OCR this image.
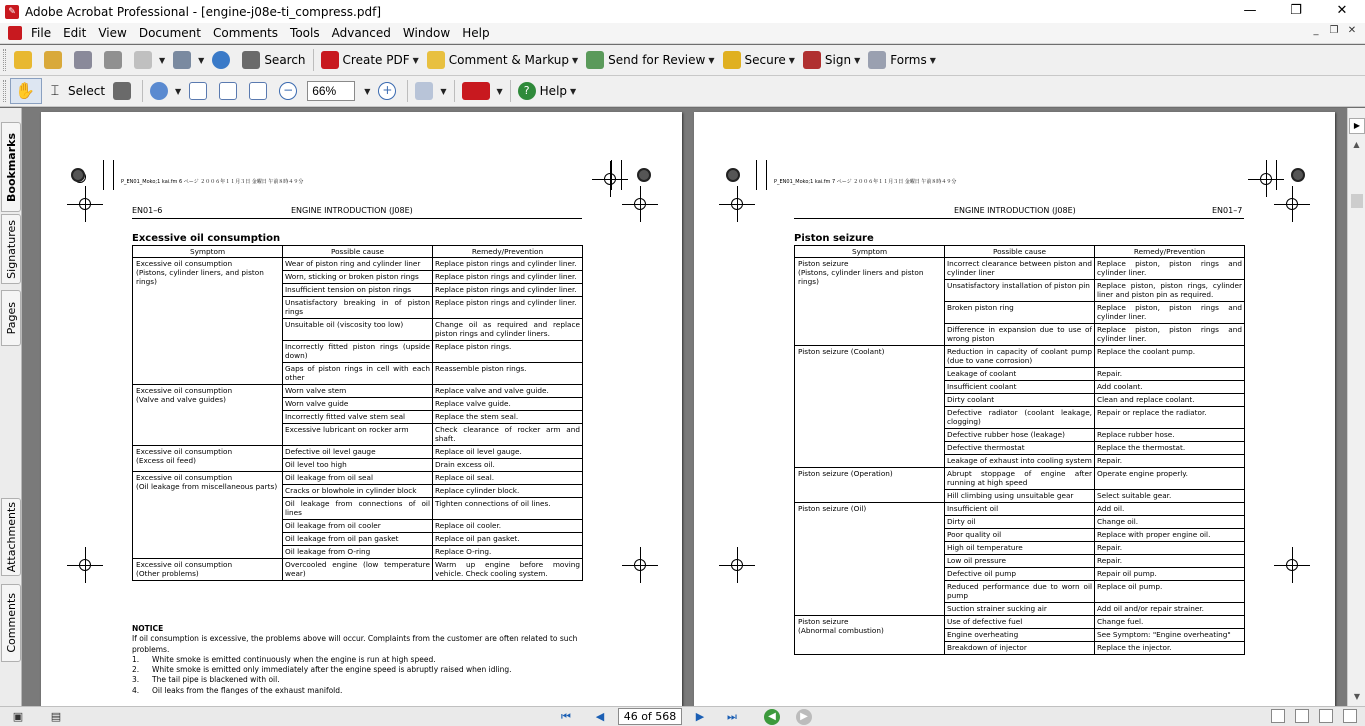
✎ Adobe Acrobat Professional - [engine-j08e-ti_compress.pdf]	—	❐	✕
File	Edit	View	Document	Comments	Tools	Advanced	Window	Help	_	❐ ✕
▼	▼	Search	Create PDF ▼	Comment & Markup ▼	Send for Review ▼	Secure ▼	Sign ▼	Forms ▼
✋	⌶ Select	▼	−
66%	▼ +	▼	▼	? Help ▼
Bookmarks
Signatures
Pages
Attachments
Comments
P_EN01_Moko;1 kai.fm 6 ページ ２００６年１１月３日 金曜日 午前８時４９分
EN01–6	ENGINE INTRODUCTION (J08E)
Excessive oil consumption
Symptom	Possible cause	Remedy/Prevention
Excessive oil consumption
(Pistons, cylinder liners, and piston rings)	Wear of piston ring and cylinder liner	Replace piston rings and cylinder liner.
	Worn, sticking or broken piston rings	Replace piston rings and cylinder liner.
	Insufficient tension on piston rings	Replace piston rings and cylinder liner.
	Unsatisfactory breaking in of piston rings	Replace piston rings and cylinder liner.
	Unsuitable oil (viscosity too low)	Change oil as required and replace piston rings and cylinder liners.
	Incorrectly fitted piston rings (upside down)	Replace piston rings.
	Gaps of piston rings in cell with each other	Reassemble piston rings.
Excessive oil consumption
(Valve and valve guides)	Worn valve stem	Replace valve and valve guide.
	Worn valve guide	Replace valve guide.
	Incorrectly fitted valve stem seal	Replace the stem seal.
	Excessive lubricant on rocker arm	Check clearance of rocker arm and shaft.
Excessive oil consumption
(Excess oil feed)	Defective oil level gauge	Replace oil level gauge.
	Oil level too high	Drain excess oil.
Excessive oil consumption
(Oil leakage from miscellaneous parts)	Oil leakage from oil seal	Replace oil seal.
	Cracks or blowhole in cylinder block	Replace cylinder block.
	Oil leakage from connections of oil lines	Tighten connections of oil lines.
	Oil leakage from oil cooler	Replace oil cooler.
	Oil leakage from oil pan gasket	Replace oil pan gasket.
	Oil leakage from O-ring	Replace O-ring.
Excessive oil consumption
(Other problems)	Overcooled engine (low temperature wear)	Warm up engine before moving vehicle. Check cooling system.
NOTICE
If oil consumption is excessive, the problems above will occur. Complaints from the customer are often related to such problems.
1.	White smoke is emitted continuously when the engine is run at high speed.
2.	White smoke is emitted only immediately after the engine speed is abruptly raised when idling.
3.	The tail pipe is blackened with oil.
4.	Oil leaks from the flanges of the exhaust manifold.
P_EN01_Moko;1 kai.fm 7 ページ ２００６年１１月３日 金曜日 午前８時４９分
ENGINE INTRODUCTION (J08E)	EN01–7
Piston seizure
Symptom	Possible cause	Remedy/Prevention
Piston seizure
(Pistons, cylinder liners and piston rings)	Incorrect clearance between piston and cylinder liner	Replace piston, piston rings and cylinder liner.
	Unsatisfactory installation of piston pin	Replace piston, piston rings, cylinder liner and piston pin as required.
	Broken piston ring	Replace piston, piston rings and cylinder liner.
	Difference in expansion due to use of wrong piston	Replace piston, piston rings and cylinder liner.
Piston seizure (Coolant)	Reduction in capacity of coolant pump (due to vane corrosion)	Replace the coolant pump.
	Leakage of coolant	Repair.
	Insufficient coolant	Add coolant.
	Dirty coolant	Clean and replace coolant.
	Defective radiator (coolant leakage, clogging)	Repair or replace the radiator.
	Defective rubber hose (leakage)	Replace rubber hose.
	Defective thermostat	Replace the thermostat.
	Leakage of exhaust into cooling system	Repair.
Piston seizure (Operation)	Abrupt stoppage of engine after running at high speed	Operate engine properly.
	Hill climbing using unsuitable gear	Select suitable gear.
Piston seizure (Oil)	Insufficient oil	Add oil.
	Dirty oil	Change oil.
	Poor quality oil	Replace with proper engine oil.
	High oil temperature	Repair.
	Low oil pressure	Repair.
	Defective oil pump	Repair oil pump.
	Reduced performance due to worn oil pump	Replace oil pump.
	Suction strainer sucking air	Add oil and/or repair strainer.
Piston seizure
(Abnormal combustion)	Use of defective fuel	Change fuel.
	Engine overheating	See Symptom: "Engine overheating"
	Breakdown of injector	Replace the injector.
▶
▲
▼
▣	▤	⏮	◀	46 of 568	▶	⏭	◀	▶
